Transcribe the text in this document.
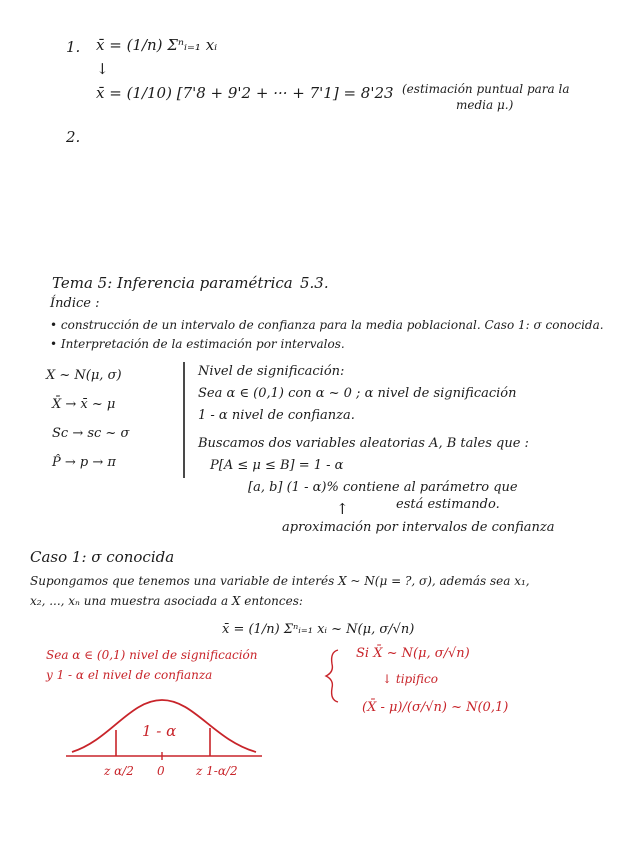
1. x̄ = (1/n) Σⁿᵢ₌₁ xᵢ
↓
x̄ = (1/10) [7'8 + 9'2 + ··· + 7'1] = 8'23 (estimación puntual para la
media μ.)
2.
Tema 5: Inferencia paramétrica 5.3.
Índice :
• construcción de un intervalo de confianza para la media poblacional. Caso 1: σ conocida.
• Interpretación de la estimación por intervalos.
X ~ N(μ, σ)
X̄ → x̄ ~ μ
Sc → sc ~ σ
P̂ → p → π
Nivel de significación:
Sea α ∈ (0,1) con α ~ 0 ; α nivel de significación
1 - α nivel de confianza.
Buscamos dos variables aleatorias A, B tales que :
P[A ≤ μ ≤ B] = 1 - α
[a, b] (1 - α)% contiene al parámetro que
está estimando.
↑
aproximación por intervalos de confianza
Caso 1: σ conocida
Supongamos que tenemos una variable de interés X ~ N(μ = ?, σ), además sea x₁,
x₂, ..., xₙ una muestra asociada a X entonces:
x̄ = (1/n) Σⁿᵢ₌₁ xᵢ ~ N(μ, σ/√n)
Sea α ∈ (0,1) nivel de significación
y 1 - α el nivel de confianza
Si X̄ ~ N(μ, σ/√n)
↓ tipifico
(X̄ - μ)/(σ/√n) ~ N(0,1)
1 - α
z α/2 0	z 1-α/2
